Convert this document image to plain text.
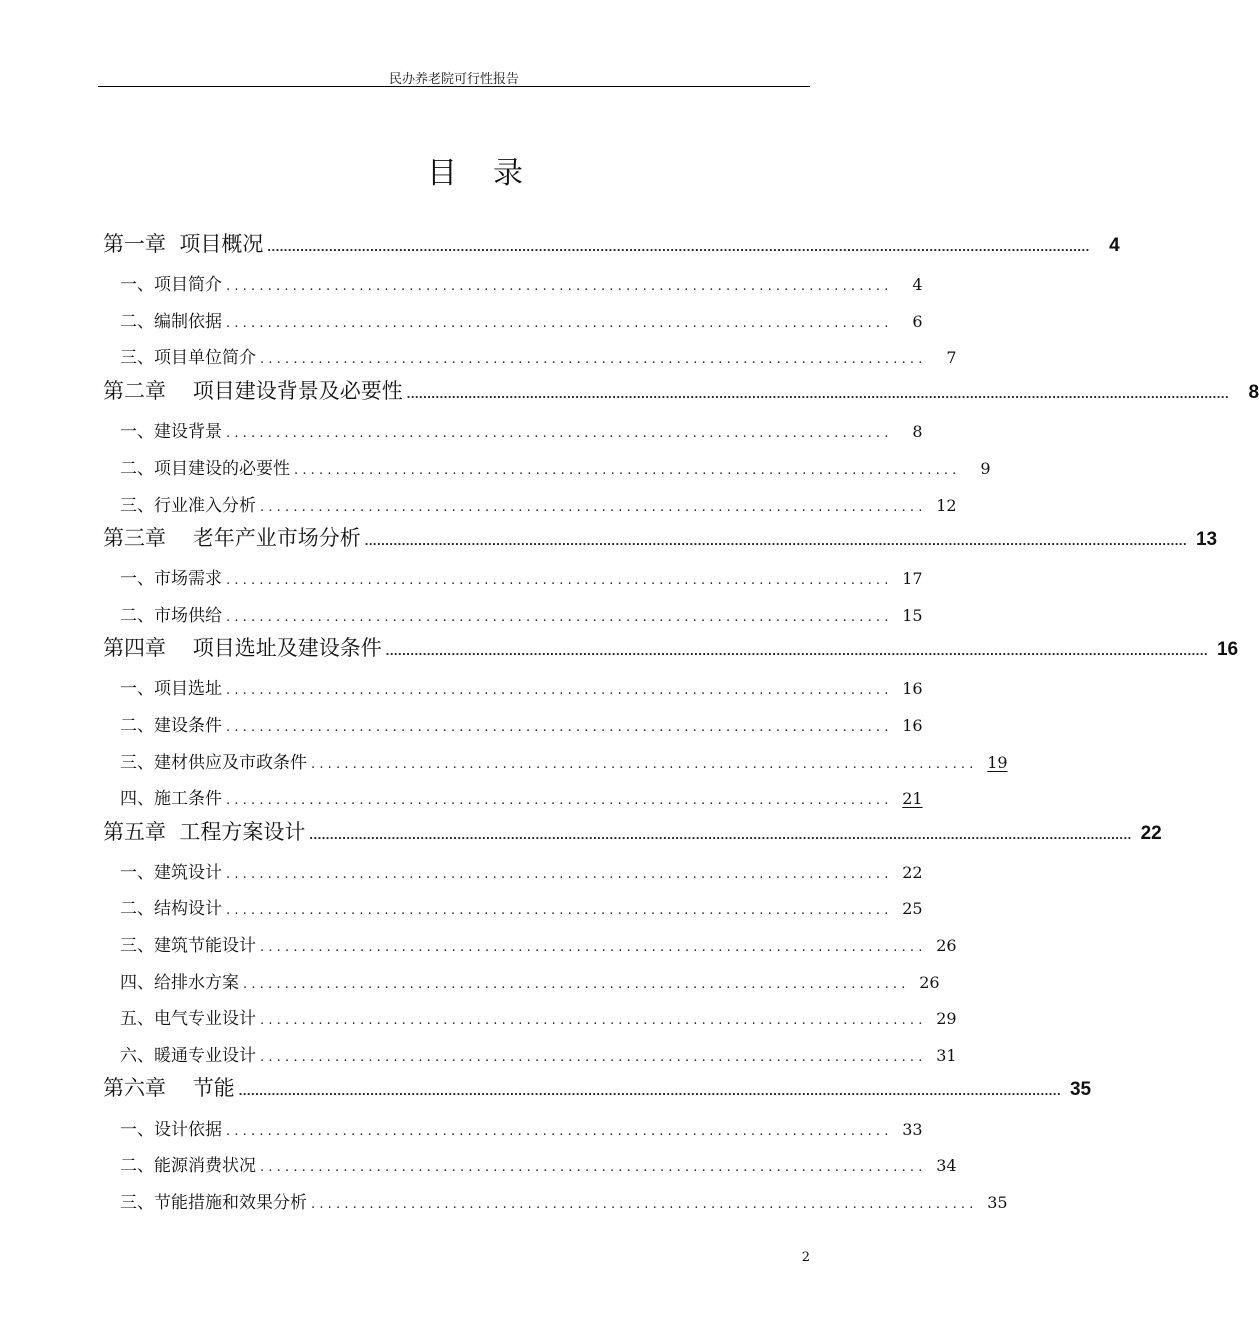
民办养老院可行性报告
目录
第一章  项目概况 ........................................................................................................................................................................................................	4
一、项目简介 ................................................................................	4
二、编制依据 ................................................................................	6
三、项目单位简介 ................................................................................	7
第二章    项目建设背景及必要性 ........................................................................................................................................................................................................	8
一、建设背景 ................................................................................	8
二、项目建设的必要性 ................................................................................	9
三、行业准入分析 ................................................................................ 12
第三章    老年产业市场分析 ........................................................................................................................................................................................................ 13
一、市场需求 ................................................................................ 17
二、市场供给 ................................................................................ 15
第四章    项目选址及建设条件 ........................................................................................................................................................................................................ 16
一、项目选址 ................................................................................ 16
二、建设条件 ................................................................................ 16
三、建材供应及市政条件 ................................................................................ 19
四、施工条件 ................................................................................ 21
第五章  工程方案设计 ........................................................................................................................................................................................................ 22
一、建筑设计 ................................................................................ 22
二、结构设计 ................................................................................ 25
三、建筑节能设计 ................................................................................ 26
四、给排水方案 ................................................................................ 26
五、电气专业设计 ................................................................................ 29
六、暖通专业设计 ................................................................................ 31
第六章    节能 ........................................................................................................................................................................................................ 35
一、设计依据 ................................................................................ 33
二、能源消费状况 ................................................................................ 34
三、节能措施和效果分析 ................................................................................ 35
2
